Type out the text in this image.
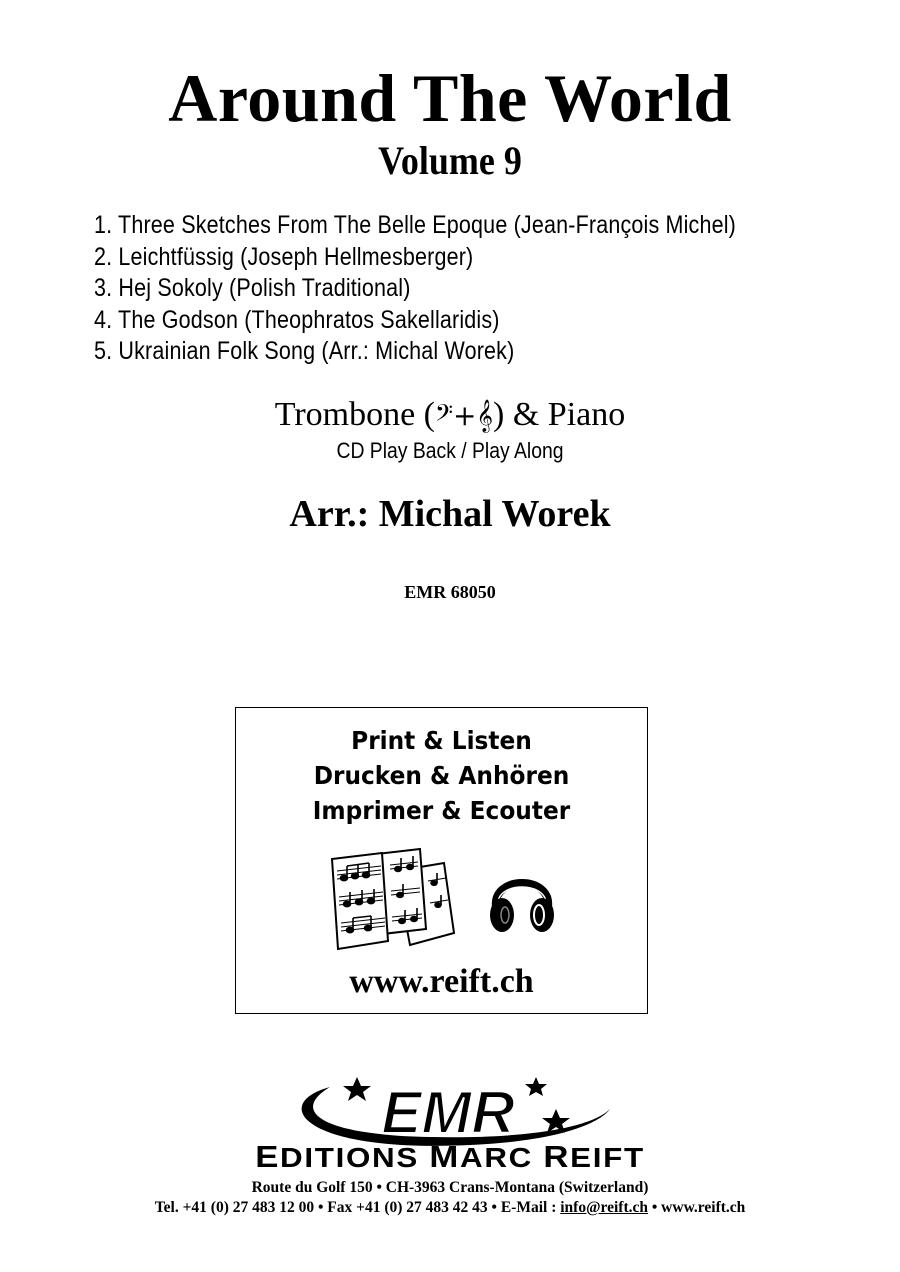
Around The World
Volume 9
1. Three Sketches From The Belle Epoque (Jean-François Michel)
2. Leichtfüssig (Joseph Hellmesberger)
3. Hej Sokoly (Polish Traditional)
4. The Godson (Theophratos Sakellaridis)
5. Ukrainian Folk Song (Arr.: Michal Worek)
Trombone (𝄢+𝄞) & Piano
CD Play Back / Play Along
Arr.: Michal Worek
EMR 68050
Print & Listen
Drucken & Anhören
Imprimer & Ecouter
www.reift.ch
EMR
EDITIONS MARC REIFT
Route du Golf 150 • CH-3963 Crans-Montana (Switzerland)
Tel. +41 (0) 27 483 12 00 • Fax +41 (0) 27 483 42 43 • E-Mail : info@reift.ch • www.reift.ch
